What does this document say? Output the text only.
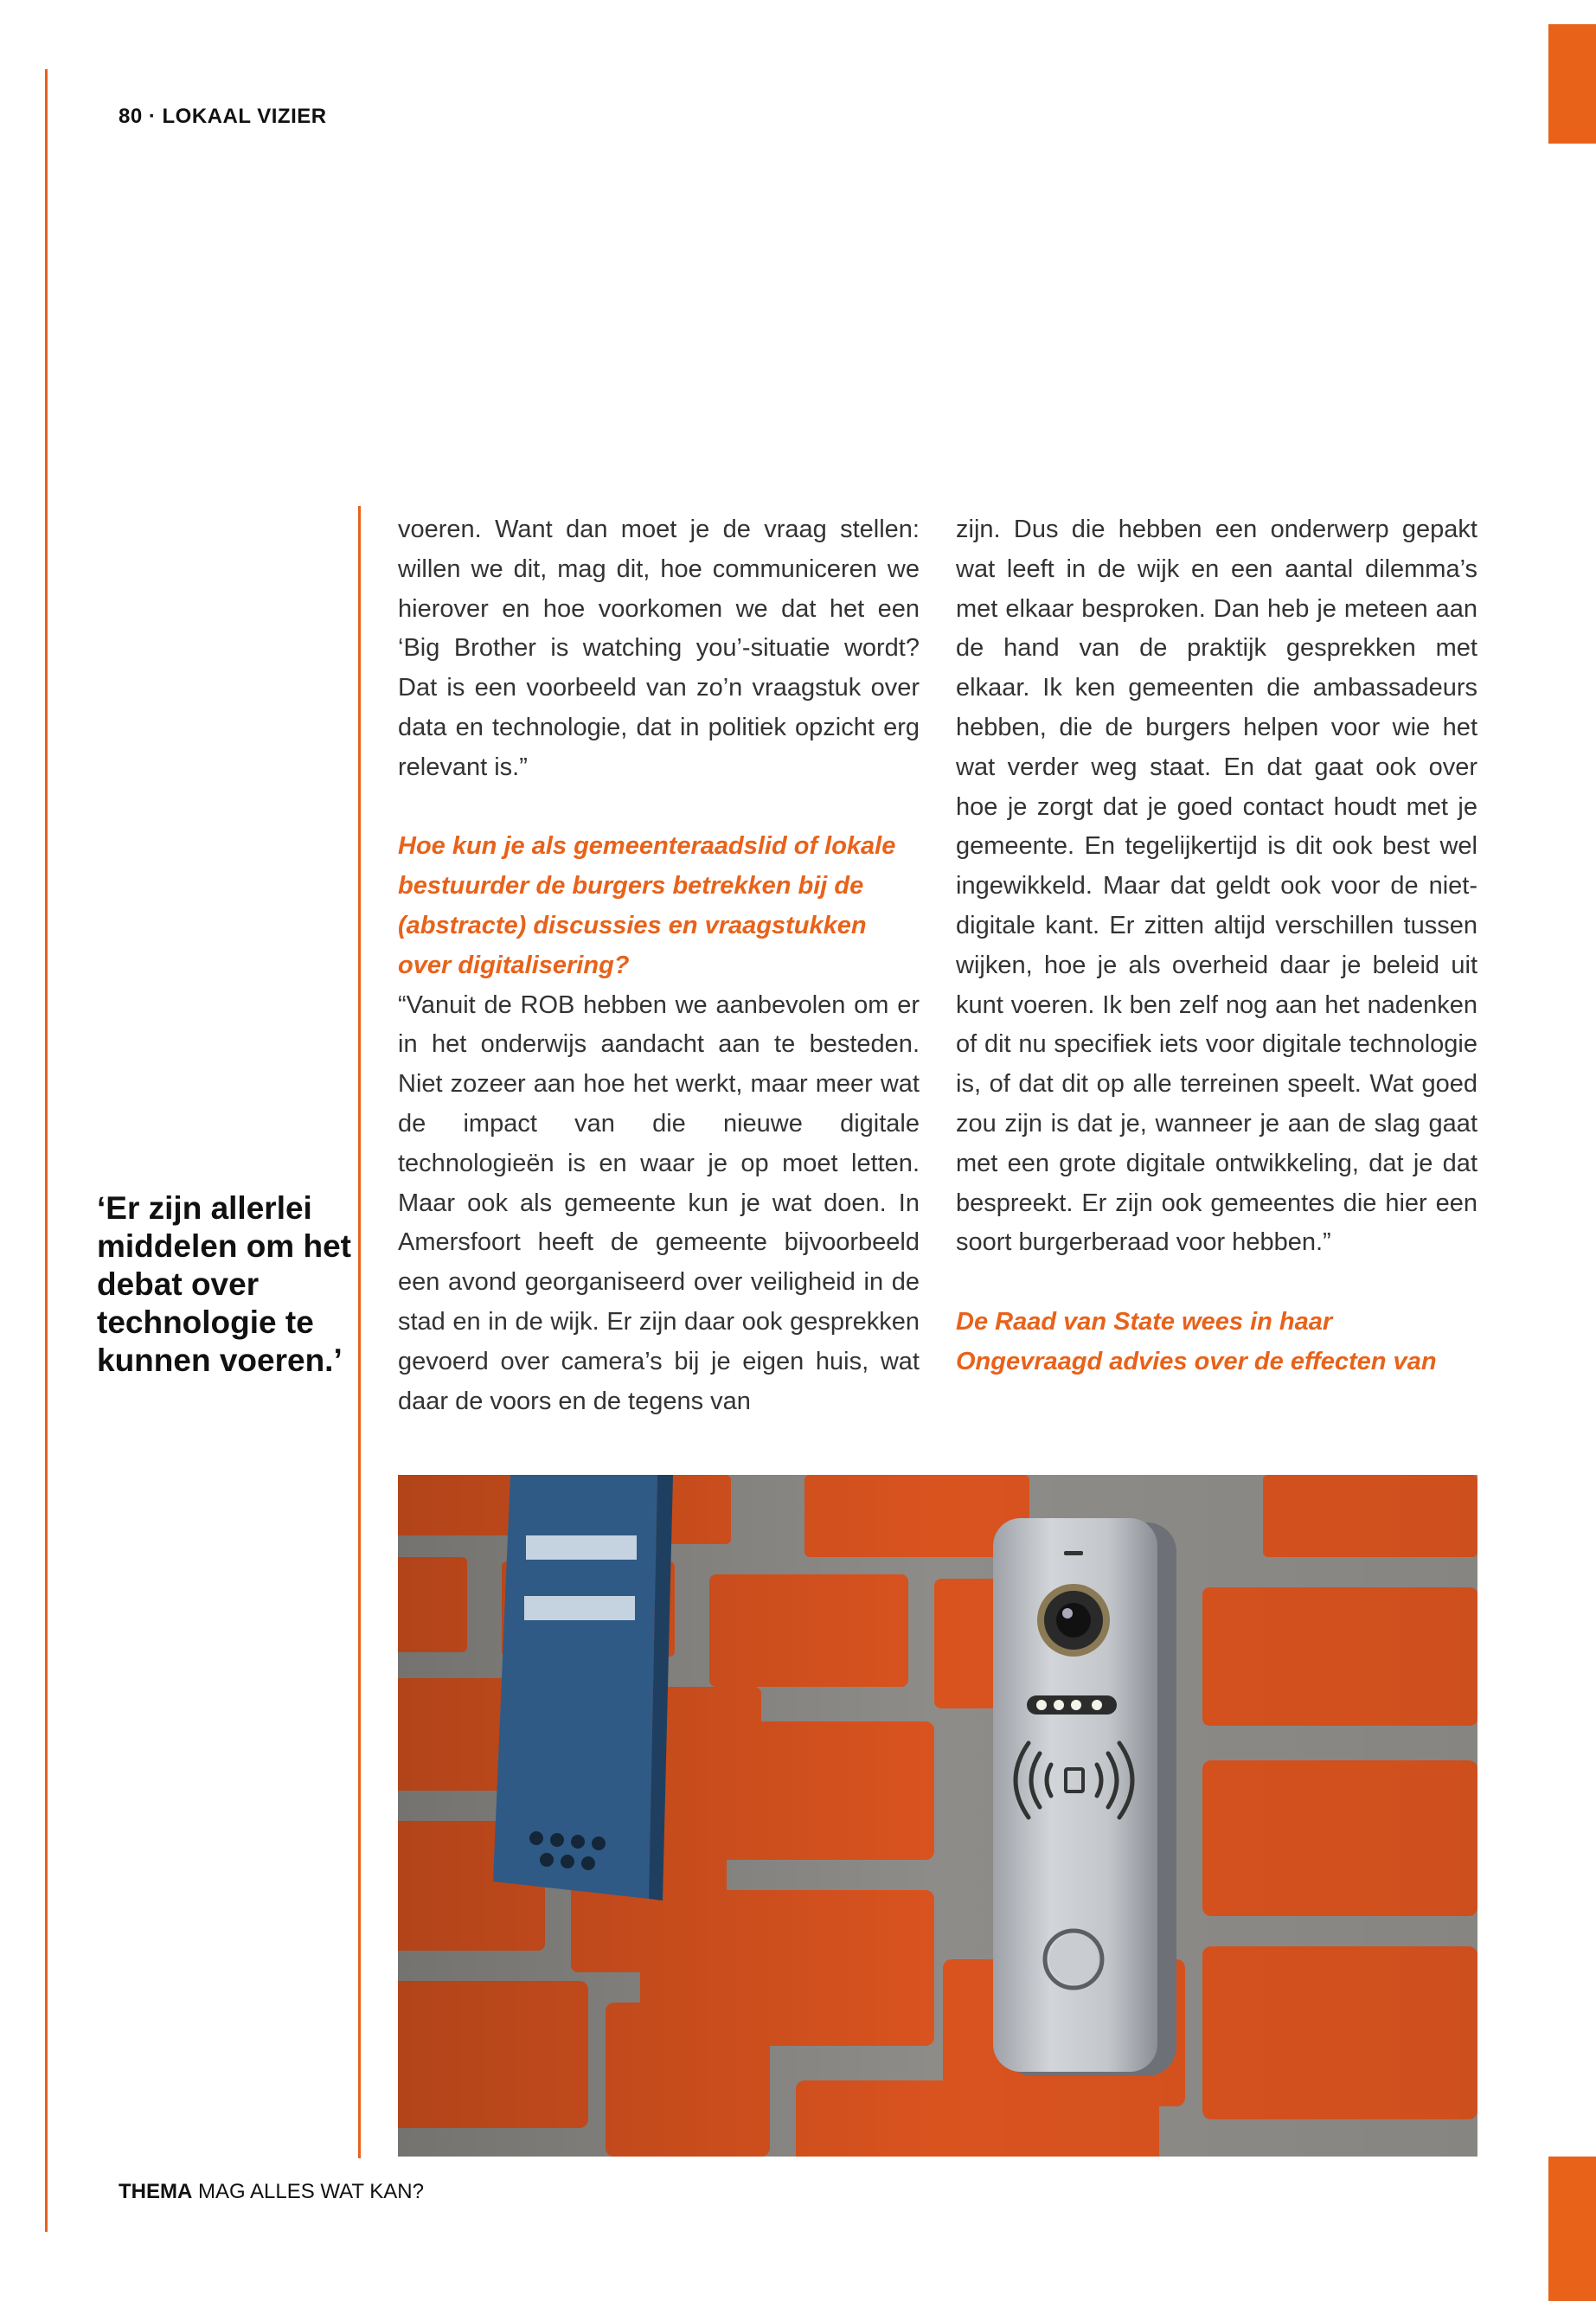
80 · LOKAAL VIZIER
‘Er zijn allerlei middelen om het debat over technologie te kunnen voeren.’

voeren. Want dan moet je de vraag stellen: willen we dit, mag dit, hoe communiceren we hierover en hoe voorkomen we dat het een ‘Big Brother is watching you’-situatie wordt? Dat is een voorbeeld van zo’n vraagstuk over data en technologie, dat in politiek opzicht erg relevant is.”

Hoe kun je als gemeenteraadslid of lokale bestuurder de burgers betrekken bij de (abstracte) discussies en vraagstukken over digitalisering?

“Vanuit de ROB hebben we aanbevolen om er in het onderwijs aandacht aan te besteden. Niet zozeer aan hoe het werkt, maar meer wat de impact van die nieuwe digitale technologieën is en waar je op moet letten. Maar ook als gemeente kun je wat doen. In Amersfoort heeft de gemeente bijvoorbeeld een avond georganiseerd over veiligheid in de stad en in de wijk. Er zijn daar ook gesprekken gevoerd over camera’s bij je eigen huis, wat daar de voors en de tegens van

zijn. Dus die hebben een onderwerp gepakt wat leeft in de wijk en een aantal dilemma’s met elkaar besproken. Dan heb je meteen aan de hand van de praktijk gesprekken met elkaar. Ik ken gemeenten die ambassadeurs hebben, die de burgers helpen voor wie het wat verder weg staat. En dat gaat ook over hoe je zorgt dat je goed contact houdt met je gemeente. En tegelijkertijd is dit ook best wel ingewikkeld. Maar dat geldt ook voor de niet-digitale kant. Er zitten altijd verschillen tussen wijken, hoe je als overheid daar je beleid uit kunt voeren. Ik ben zelf nog aan het nadenken of dit nu specifiek iets voor digitale technologie is, of dat dit op alle terreinen speelt. Wat goed zou zijn is dat je, wanneer je aan de slag gaat met een grote digitale ontwikkeling, dat je dat bespreekt. Er zijn ook gemeentes die hier een soort burgerberaad voor hebben.”

De Raad van State wees in haar Ongevraagd advies over de effecten van

THEMA MAG ALLES WAT KAN?
